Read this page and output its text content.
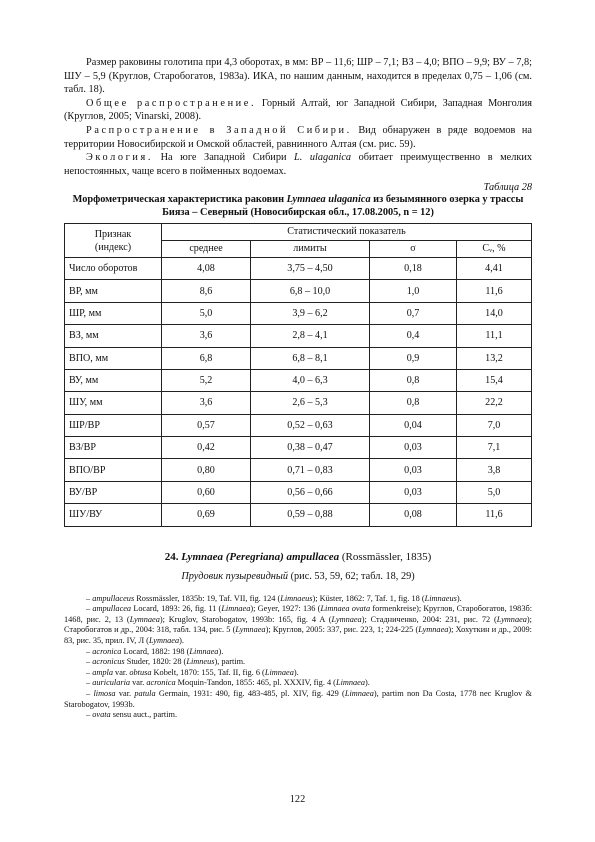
Размер раковины голотипа при 4,3 оборотах, в мм: ВР – 11,6; ШР – 7,1; ВЗ – 4,0; ВПО – 9,9; ВУ – 7,8; ШУ – 5,9 (Круглов, Старобогатов, 1983а). ИКА, по нашим данным, находится в пределах 0,75 – 1,06 (см. табл. 18).

Общее распространение. Горный Алтай, юг Западной Сибири, Западная Монголия (Круглов, 2005; Vinarski, 2008).

Распространение в Западной Сибири. Вид обнаружен в ряде водоемов на территории Новосибирской и Омской областей, равнинного Алтая (см. рис. 59).

Экология. На юге Западной Сибири L. ulaganica обитает преимущественно в мелких непостоянных, чаще всего в пойменных водоемах.

Таблица 28
Морфометрическая характеристика раковин Lymnaea ulaganica из безымянного озерка у трассы Бияза – Северный (Новосибирская обл., 17.08.2005, n = 12)
Признак
(индекс)	Статистический показатель			
	среднее	лимиты	σ	Cᵥ, %
Число оборотов	4,08	3,75 – 4,50	0,18	4,41
ВР, мм	8,6	6,8 – 10,0	1,0	11,6
ШР, мм	5,0	3,9 – 6,2	0,7	14,0
ВЗ, мм	3,6	2,8 – 4,1	0,4	11,1
ВПО, мм	6,8	6,8 – 8,1	0,9	13,2
ВУ, мм	5,2	4,0 – 6,3	0,8	15,4
ШУ, мм	3,6	2,6 – 5,3	0,8	22,2
ШР/ВР	0,57	0,52 – 0,63	0,04	7,0
ВЗ/ВР	0,42	0,38 – 0,47	0,03	7,1
ВПО/ВР	0,80	0,71 – 0,83	0,03	3,8
ВУ/ВР	0,60	0,56 – 0,66	0,03	5,0
ШУ/ВУ	0,69	0,59 – 0,88	0,08	11,6
24. Lymnaea (Peregriana) ampullacea (Rossmässler, 1835)
Прудовик пузыревидный (рис. 53, 59, 62; табл. 18, 29)

– ampullaceus Rossmässler, 1835b: 19, Taf. VII, fig. 124 (Limnaeus); Küster, 1862: 7, Taf. 1, fig. 18 (Limnaeus).

– ampullacea Locard, 1893: 26, fig. 11 (Limnaea); Geyer, 1927: 136 (Limnaea ovata formenkreise); Круглов, Старобогатов, 1983б: 1468, рис. 2, 13 (Lymnaea); Kruglov, Starobogatov, 1993b: 165, fig. 4 A (Lymnaea); Стадниченко, 2004: 231, рис. 72 (Lymnaea); Старобогатов и др., 2004: 318, табл. 134, рис. 5 (Lymnaea); Круглов, 2005: 337, рис. 223, 1; 224-225 (Lymnaea); Хохуткин и др., 2009: 83, рис. 35, прил. IV, Л (Lymnaea).

– acronica Locard, 1882: 198 (Limnaea).

– acronicus Studer, 1820: 28 (Limneus), partim.

– ampla var. obtusa Kobelt, 1870: 155, Taf. II, fig. 6 (Limnaea).

– auricularia var. acronica Moquin-Tandon, 1855: 465, pl. XXXIV, fig. 4 (Limnaea).

– limosa var. patula Germain, 1931: 490, fig. 483-485, pl. XIV, fig. 429 (Limnaea), partim non Da Costa, 1778 nec Kruglov & Starobogatov, 1993b.

– ovata sensu auct., partim.

122
